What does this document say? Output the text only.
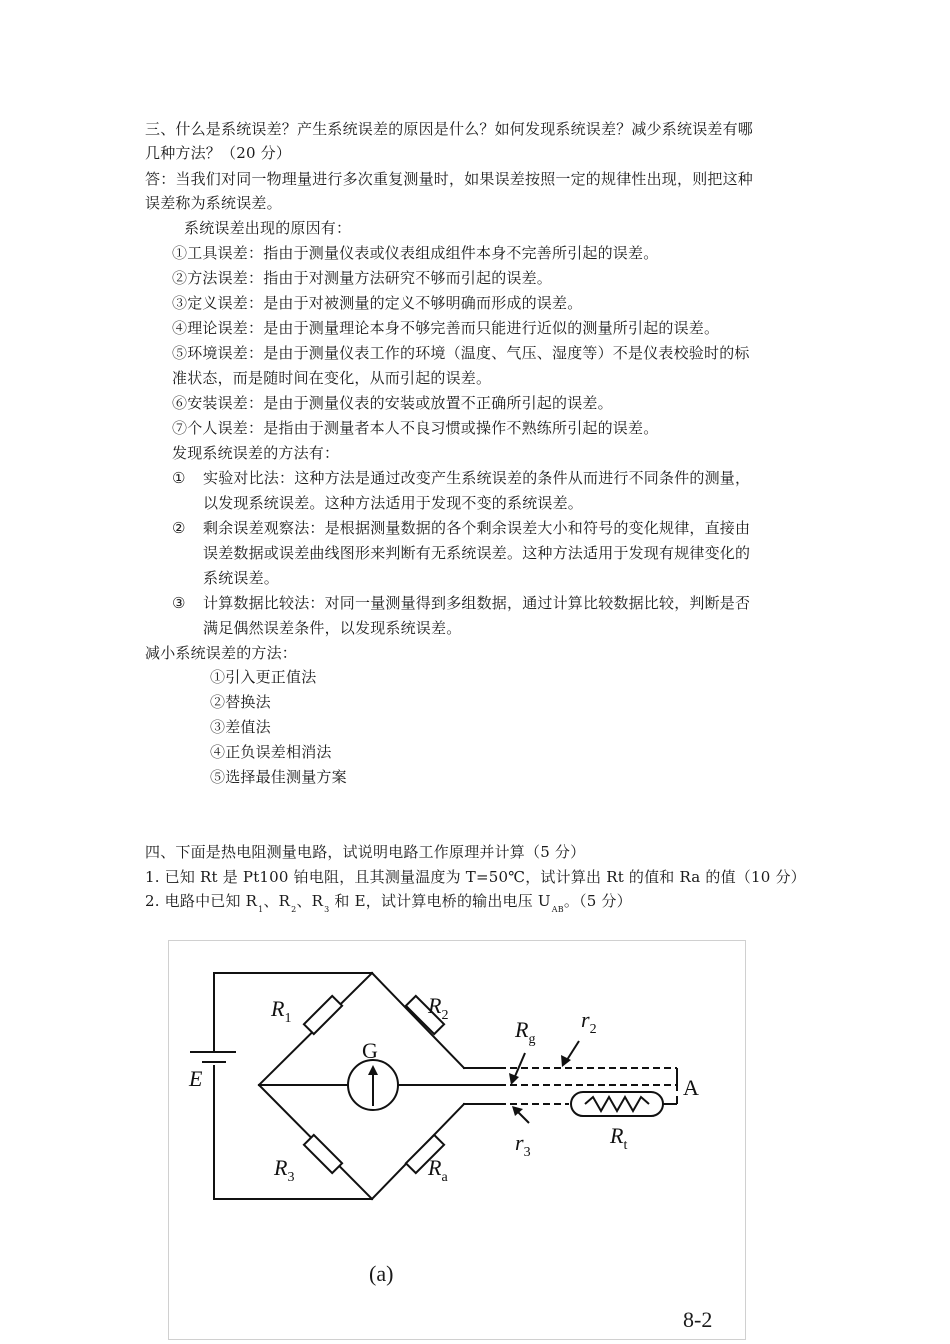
三、什么是系统误差？产生系统误差的原因是什么？如何发现系统误差？减少系统误差有哪
几种方法？（20 分）
答：当我们对同一物理量进行多次重复测量时，如果误差按照一定的规律性出现，则把这种
误差称为系统误差。
系统误差出现的原因有：
①工具误差：指由于测量仪表或仪表组成组件本身不完善所引起的误差。
②方法误差：指由于对测量方法研究不够而引起的误差。
③定义误差：是由于对被测量的定义不够明确而形成的误差。
④理论误差：是由于测量理论本身不够完善而只能进行近似的测量所引起的误差。
⑤环境误差：是由于测量仪表工作的环境（温度、气压、湿度等）不是仪表校验时的标
准状态，而是随时间在变化，从而引起的误差。
⑥安装误差：是由于测量仪表的安装或放置不正确所引起的误差。
⑦个人误差：是指由于测量者本人不良习惯或操作不熟练所引起的误差。
发现系统误差的方法有：
① 实验对比法：这种方法是通过改变产生系统误差的条件从而进行不同条件的测量，
以发现系统误差。这种方法适用于发现不变的系统误差。
② 剩余误差观察法：是根据测量数据的各个剩余误差大小和符号的变化规律，直接由
误差数据或误差曲线图形来判断有无系统误差。这种方法适用于发现有规律变化的
系统误差。
③ 计算数据比较法：对同一量测量得到多组数据，通过计算比较数据比较，判断是否
满足偶然误差条件，以发现系统误差。
减小系统误差的方法：
①引入更正值法
②替换法
③差值法
④正负误差相消法
⑤选择最佳测量方案
四、下面是热电阻测量电路，试说明电路工作原理并计算（5 分）
1. 已知 Rt 是 Pt100 铂电阻，且其测量温度为 T=50℃，试计算出 Rt 的值和 Ra 的值（10 分）
2. 电路中已知 $R_1$、$R_2$、$R_3$ 和 E，试计算电桥的输出电压 $U_{AB}$。（5 分）
$R_1$
$R_2$
$R_3$	$R_a$
$R_g$
$r_2$
$r_3$
$R_t$
E
G
A
(a)
8-2
